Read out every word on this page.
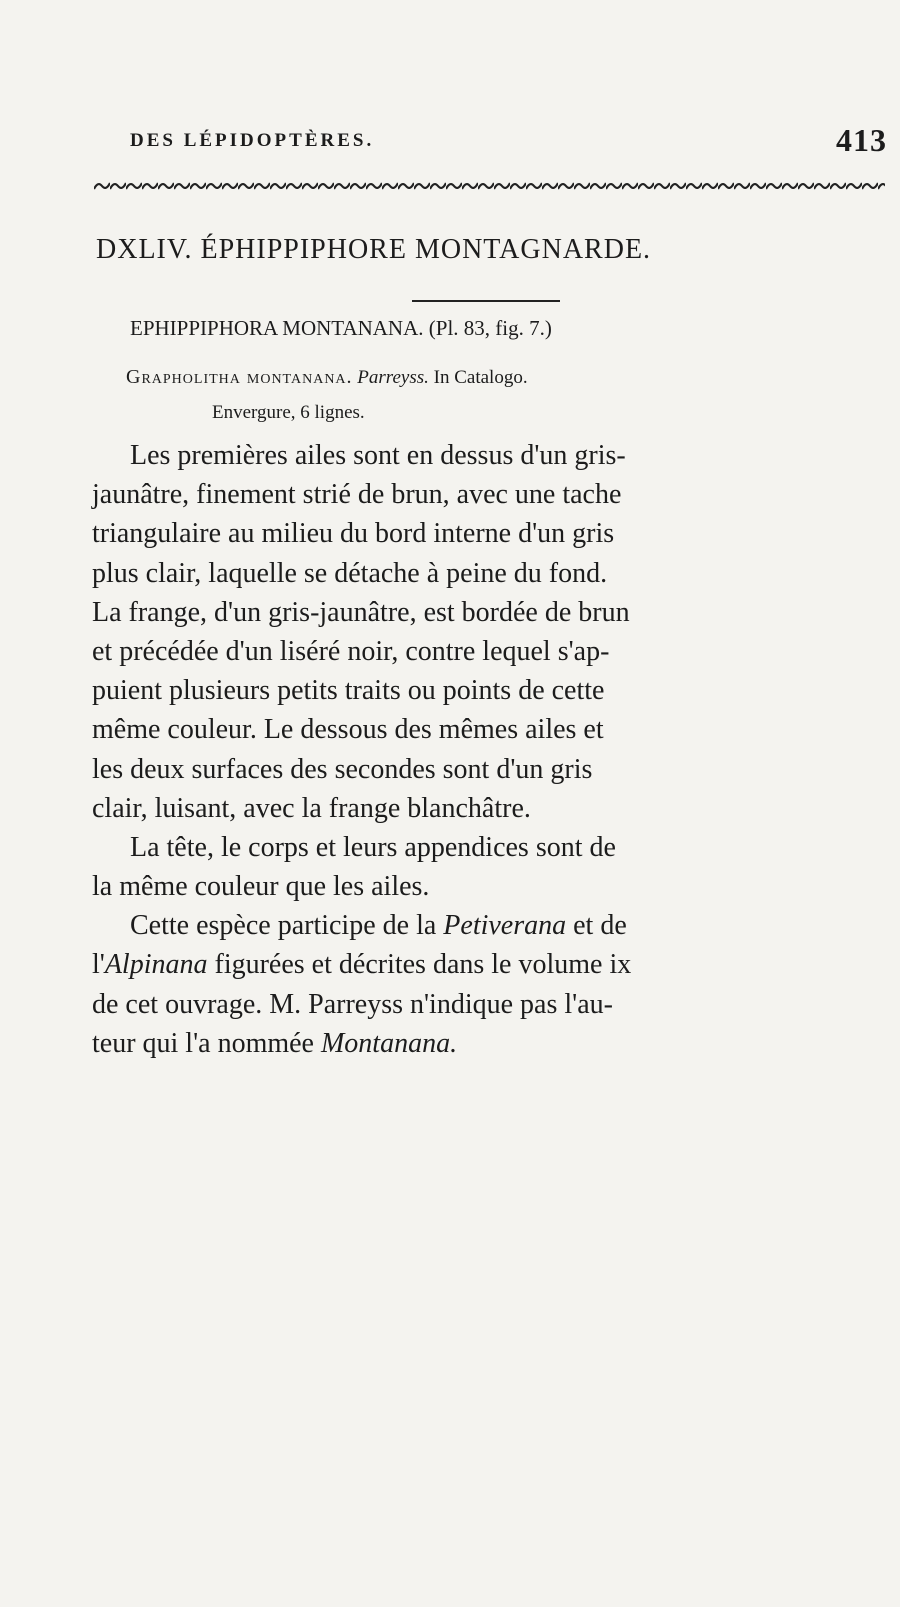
DES LÉPIDOPTÈRES.	413
DXLIV. ÉPHIPPIPHORE MONTAGNARDE.
EPHIPPIPHORA MONTANANA. (Pl. 83, fig. 7.)
Grapholitha montanana. Parreyss. In Catalogo.
Envergure, 6 lignes.
Les premières ailes sont en dessus d'un gris-
jaunâtre, finement strié de brun, avec une tache
triangulaire au milieu du bord interne d'un gris
plus clair, laquelle se détache à peine du fond.
La frange, d'un gris-jaunâtre, est bordée de brun
et précédée d'un liséré noir, contre lequel s'ap-
puient plusieurs petits traits ou points de cette
même couleur. Le dessous des mêmes ailes et
les deux surfaces des secondes sont d'un gris
clair, luisant, avec la frange blanchâtre.
La tête, le corps et leurs appendices sont de
la même couleur que les ailes.
Cette espèce participe de la Petiverana et de
l'Alpinana figurées et décrites dans le volume ix
de cet ouvrage. M. Parreyss n'indique pas l'au-
teur qui l'a nommée Montanana.
